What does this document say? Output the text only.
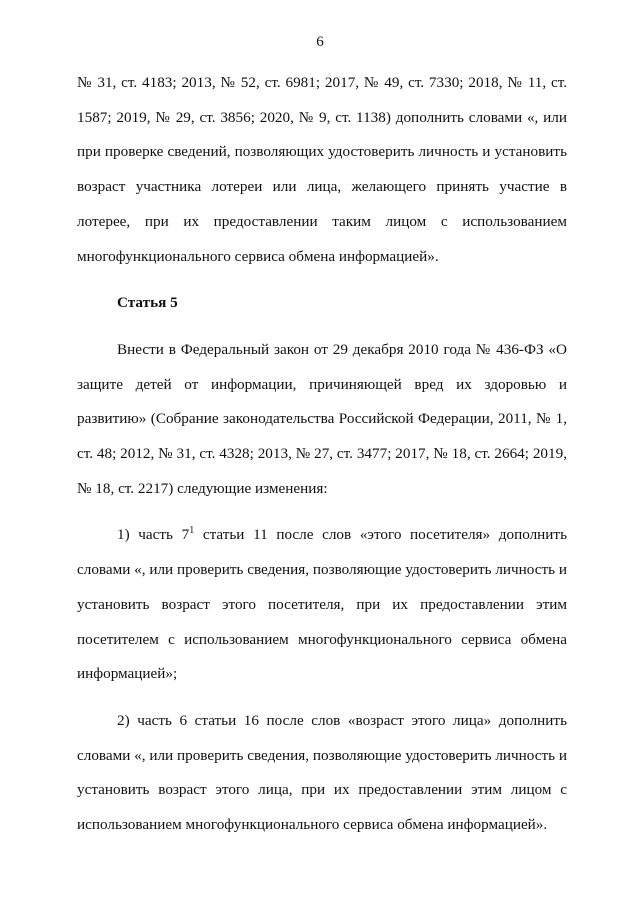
6

№ 31, ст. 4183; 2013, № 52, ст. 6981; 2017, № 49, ст. 7330; 2018, № 11, ст. 1587; 2019, № 29, ст. 3856; 2020, № 9, ст. 1138) дополнить словами «, или при проверке сведений, позволяющих удостоверить личность и установить возраст участника лотереи или лица, желающего принять участие в лотерее, при их предоставлении таким лицом с использованием многофункционального сервиса обмена информацией».

Статья 5

Внести в Федеральный закон от 29 декабря 2010 года № 436-ФЗ «О защите детей от информации, причиняющей вред их здоровью и развитию» (Собрание законодательства Российской Федерации, 2011, № 1, ст. 48; 2012, № 31, ст. 4328; 2013, № 27, ст. 3477; 2017, № 18, ст. 2664; 2019, № 18, ст. 2217) следующие изменения:

1) часть $7^1$ статьи 11 после слов «этого посетителя» дополнить словами «, или проверить сведения, позволяющие удостоверить личность и установить возраст этого посетителя, при их предоставлении этим посетителем с использованием многофункционального сервиса обмена информацией»;

2) часть 6 статьи 16 после слов «возраст этого лица» дополнить словами «, или проверить сведения, позволяющие удостоверить личность и установить возраст этого лица, при их предоставлении этим лицом с использованием многофункционального сервиса обмена информацией».
